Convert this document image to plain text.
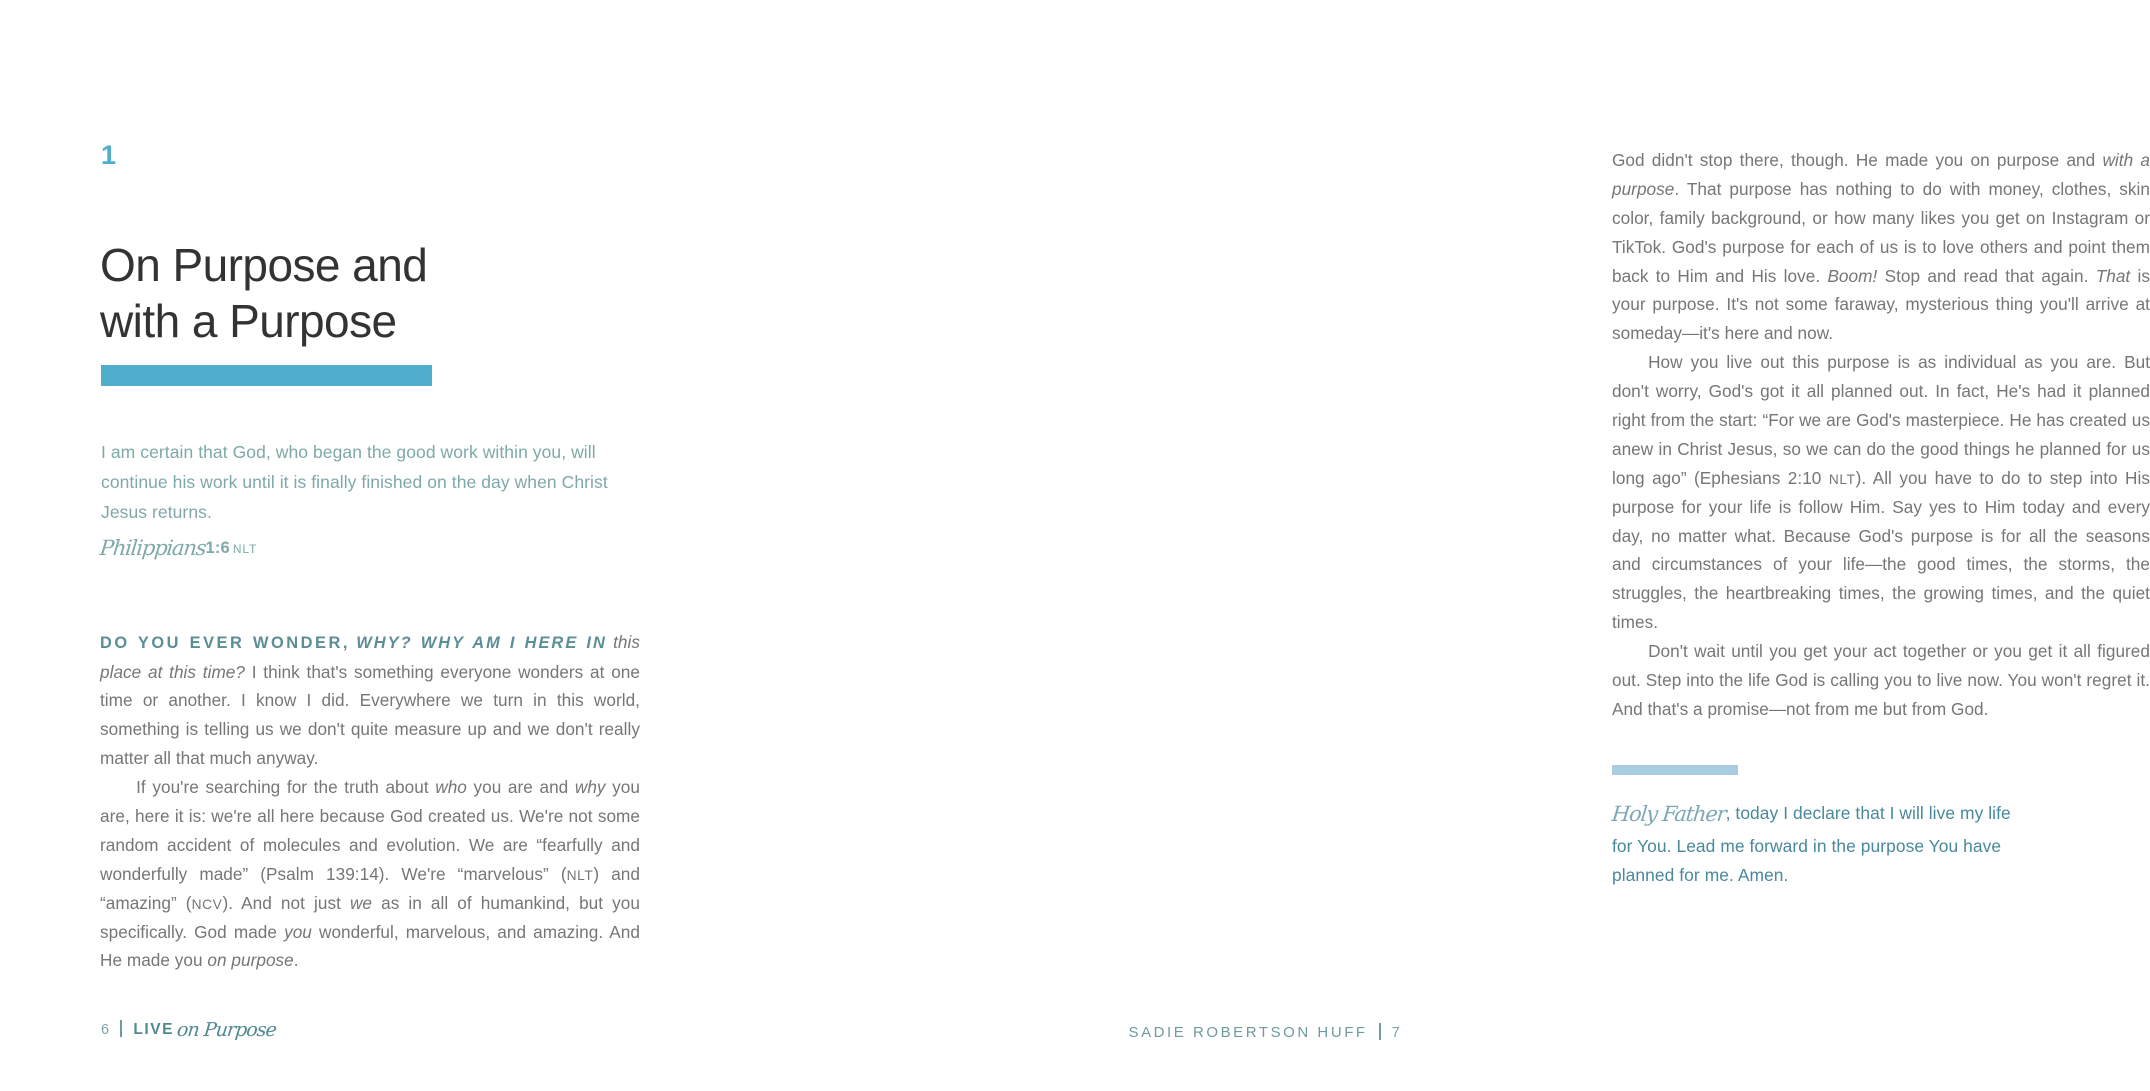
1
On Purpose and
with a Purpose
I am certain that God, who began the good work within you, will continue his work until it is finally finished on the day when Christ Jesus returns.
Philippians1:6 NLT

DO YOU EVER WONDER, WHY? WHY AM I HERE IN this place at this time? I think that's something everyone wonders at one time or another. I know I did. Everywhere we turn in this world, something is telling us we don't quite measure up and we don't really matter all that much anyway.

If you're searching for the truth about who you are and why you are, here it is: we're all here because God created us. We're not some random accident of molecules and evolution. We are “fearfully and wonderfully made” (Psalm 139:14). We're “marvelous” (NLT) and “amazing” (NCV). And not just we as in all of humankind, but you specifically. God made you wonderful, marvelous, and amazing. And He made you on purpose.

6 LIVEon Purpose

God didn't stop there, though. He made you on purpose and with a purpose. That purpose has nothing to do with money, clothes, skin color, family background, or how many likes you get on Instagram or TikTok. God's purpose for each of us is to love others and point them back to Him and His love. Boom! Stop and read that again. That is your purpose. It's not some faraway, mysterious thing you'll arrive at someday—it's here and now.

How you live out this purpose is as individual as you are. But don't worry, God's got it all planned out. In fact, He's had it planned right from the start: “For we are God's masterpiece. He has created us anew in Christ Jesus, so we can do the good things he planned for us long ago” (Ephesians 2:10 NLT). All you have to do to step into His purpose for your life is follow Him. Say yes to Him today and every day, no matter what. Because God's purpose is for all the seasons and circumstances of your life—the good times, the storms, the struggles, the heartbreaking times, the growing times, and the quiet times.

Don't wait until you get your act together or you get it all figured out. Step into the life God is calling you to live now. You won't regret it. And that's a promise—not from me but from God.

Holy Father, today I declare that I will live my life for You. Lead me forward in the purpose You have planned for me. Amen.
SADIE ROBERTSON HUFF 7
